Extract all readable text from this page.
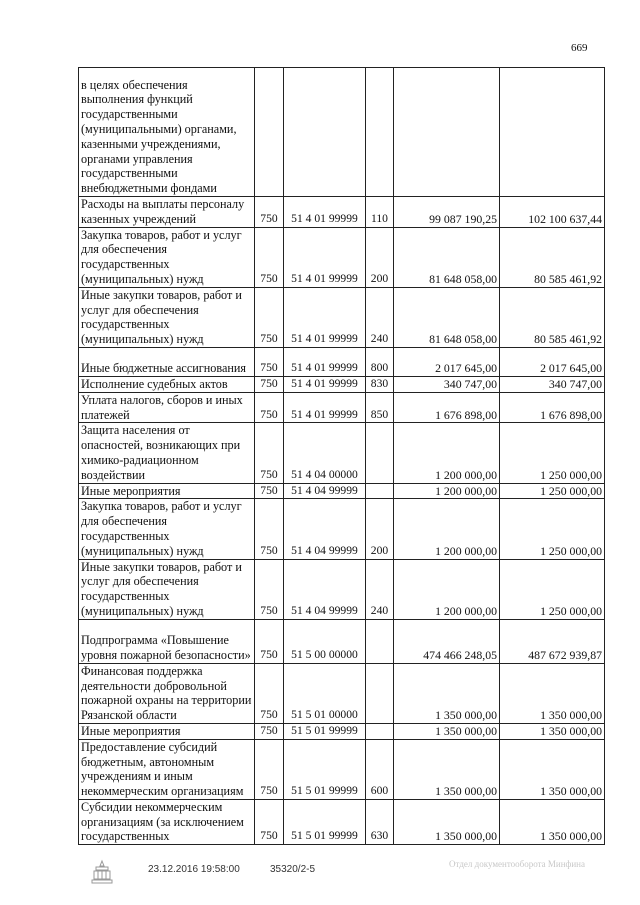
669
в целях обеспечения выполнения функций государственными (муниципальными) органами, казенными учреждениями, органами управления государственными внебюджетными фондами					
Расходы на выплаты персоналу казенных учреждений	750	51 4 01 99999	110	99 087 190,25	102 100 637,44
Закупка товаров, работ и услуг для обеспечения государственных (муниципальных) нужд	750	51 4 01 99999	200	81 648 058,00	80 585 461,92
Иные закупки товаров, работ и услуг для обеспечения государственных (муниципальных) нужд	750	51 4 01 99999	240	81 648 058,00	80 585 461,92
Иные бюджетные ассигнования	750	51 4 01 99999	800	2 017 645,00	2 017 645,00
Исполнение судебных актов	750	51 4 01 99999	830	340 747,00	340 747,00
Уплата налогов, сборов и иных платежей	750	51 4 01 99999	850	1 676 898,00	1 676 898,00
Защита населения от опасностей, возникающих при химико-радиационном воздействии	750	51 4 04 00000		1 200 000,00	1 250 000,00
Иные мероприятия	750	51 4 04 99999		1 200 000,00	1 250 000,00
Закупка товаров, работ и услуг для обеспечения государственных (муниципальных) нужд	750	51 4 04 99999	200	1 200 000,00	1 250 000,00
Иные закупки товаров, работ и услуг для обеспечения государственных (муниципальных) нужд	750	51 4 04 99999	240	1 200 000,00	1 250 000,00
Подпрограмма «Повышение уровня пожарной безопасности»	750	51 5 00 00000		474 466 248,05	487 672 939,87
Финансовая поддержка деятельности добровольной пожарной охраны на территории Рязанской области	750	51 5 01 00000		1 350 000,00	1 350 000,00
Иные мероприятия	750	51 5 01 99999		1 350 000,00	1 350 000,00
Предоставление субсидий бюджетным, автономным учреждениям и иным некоммерческим организациям	750	51 5 01 99999	600	1 350 000,00	1 350 000,00
Субсидии некоммерческим организациям (за исключением государственных	750	51 5 01 99999	630	1 350 000,00	1 350 000,00
23.12.2016 19:58:00	35320/2-5	Отдел документооборота Минфина
